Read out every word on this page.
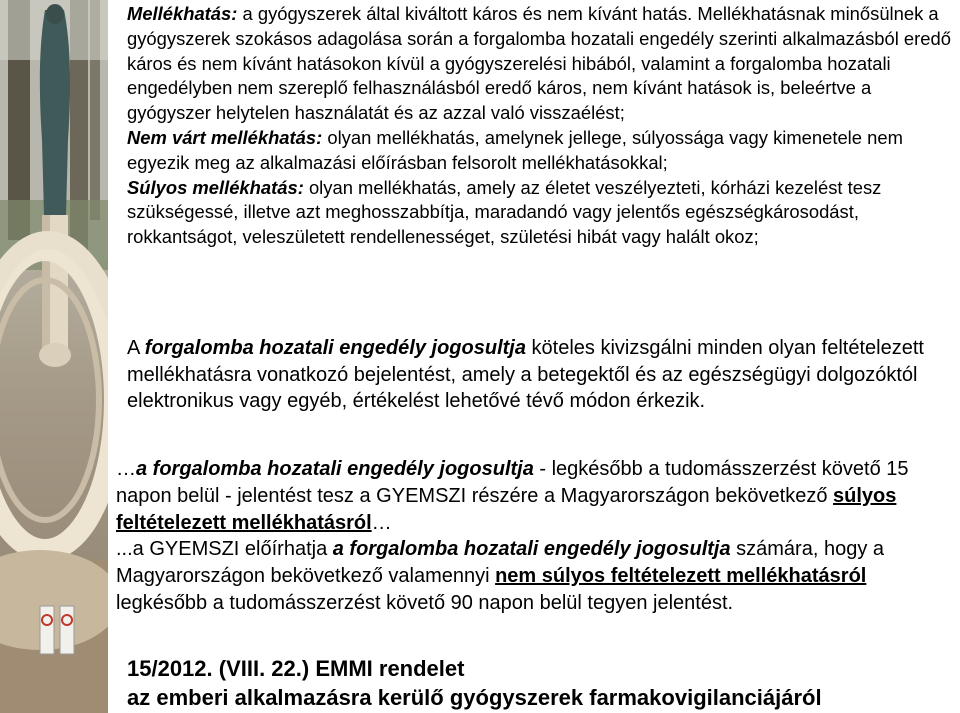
Mellékhatás: a gyógyszerek által kiváltott káros és nem kívánt hatás. Mellékhatásnak minősülnek a gyógyszerek szokásos adagolása során a forgalomba hozatali engedély szerinti alkalmazásból eredő káros és nem kívánt hatásokon kívül a gyógyszerelési hibából, valamint a forgalomba hozatali engedélyben nem szereplő felhasználásból eredő káros, nem kívánt hatások is, beleértve a gyógyszer helytelen használatát és az azzal való visszaélést;

Nem várt mellékhatás: olyan mellékhatás, amelynek jellege, súlyossága vagy kimenetele nem egyezik meg az alkalmazási előírásban felsorolt mellékhatásokkal;

Súlyos mellékhatás: olyan mellékhatás, amely az életet veszélyezteti, kórházi kezelést tesz szükségessé, illetve azt meghosszabbítja, maradandó vagy jelentős egészségkárosodást, rokkantságot, veleszületett rendellenességet, születési hibát vagy halált okoz;

A forgalomba hozatali engedély jogosultja köteles kivizsgálni minden olyan feltételezett mellékhatásra vonatkozó bejelentést, amely a betegektől és az egészségügyi dolgozóktól elektronikus vagy egyéb, értékelést lehetővé tévő módon érkezik.

…a forgalomba hozatali engedély jogosultja - legkésőbb a tudomásszerzést követő 15 napon belül - jelentést tesz a GYEMSZI részére a Magyarországon bekövetkező súlyos feltételezett mellékhatásról…

...a GYEMSZI előírhatja a forgalomba hozatali engedély jogosultja számára, hogy a Magyarországon bekövetkező valamennyi nem súlyos feltételezett mellékhatásról legkésőbb a tudomásszerzést követő 90 napon belül tegyen jelentést.

15/2012. (VIII. 22.) EMMI rendelet
az emberi alkalmazásra kerülő gyógyszerek farmakovigilanciájáról
